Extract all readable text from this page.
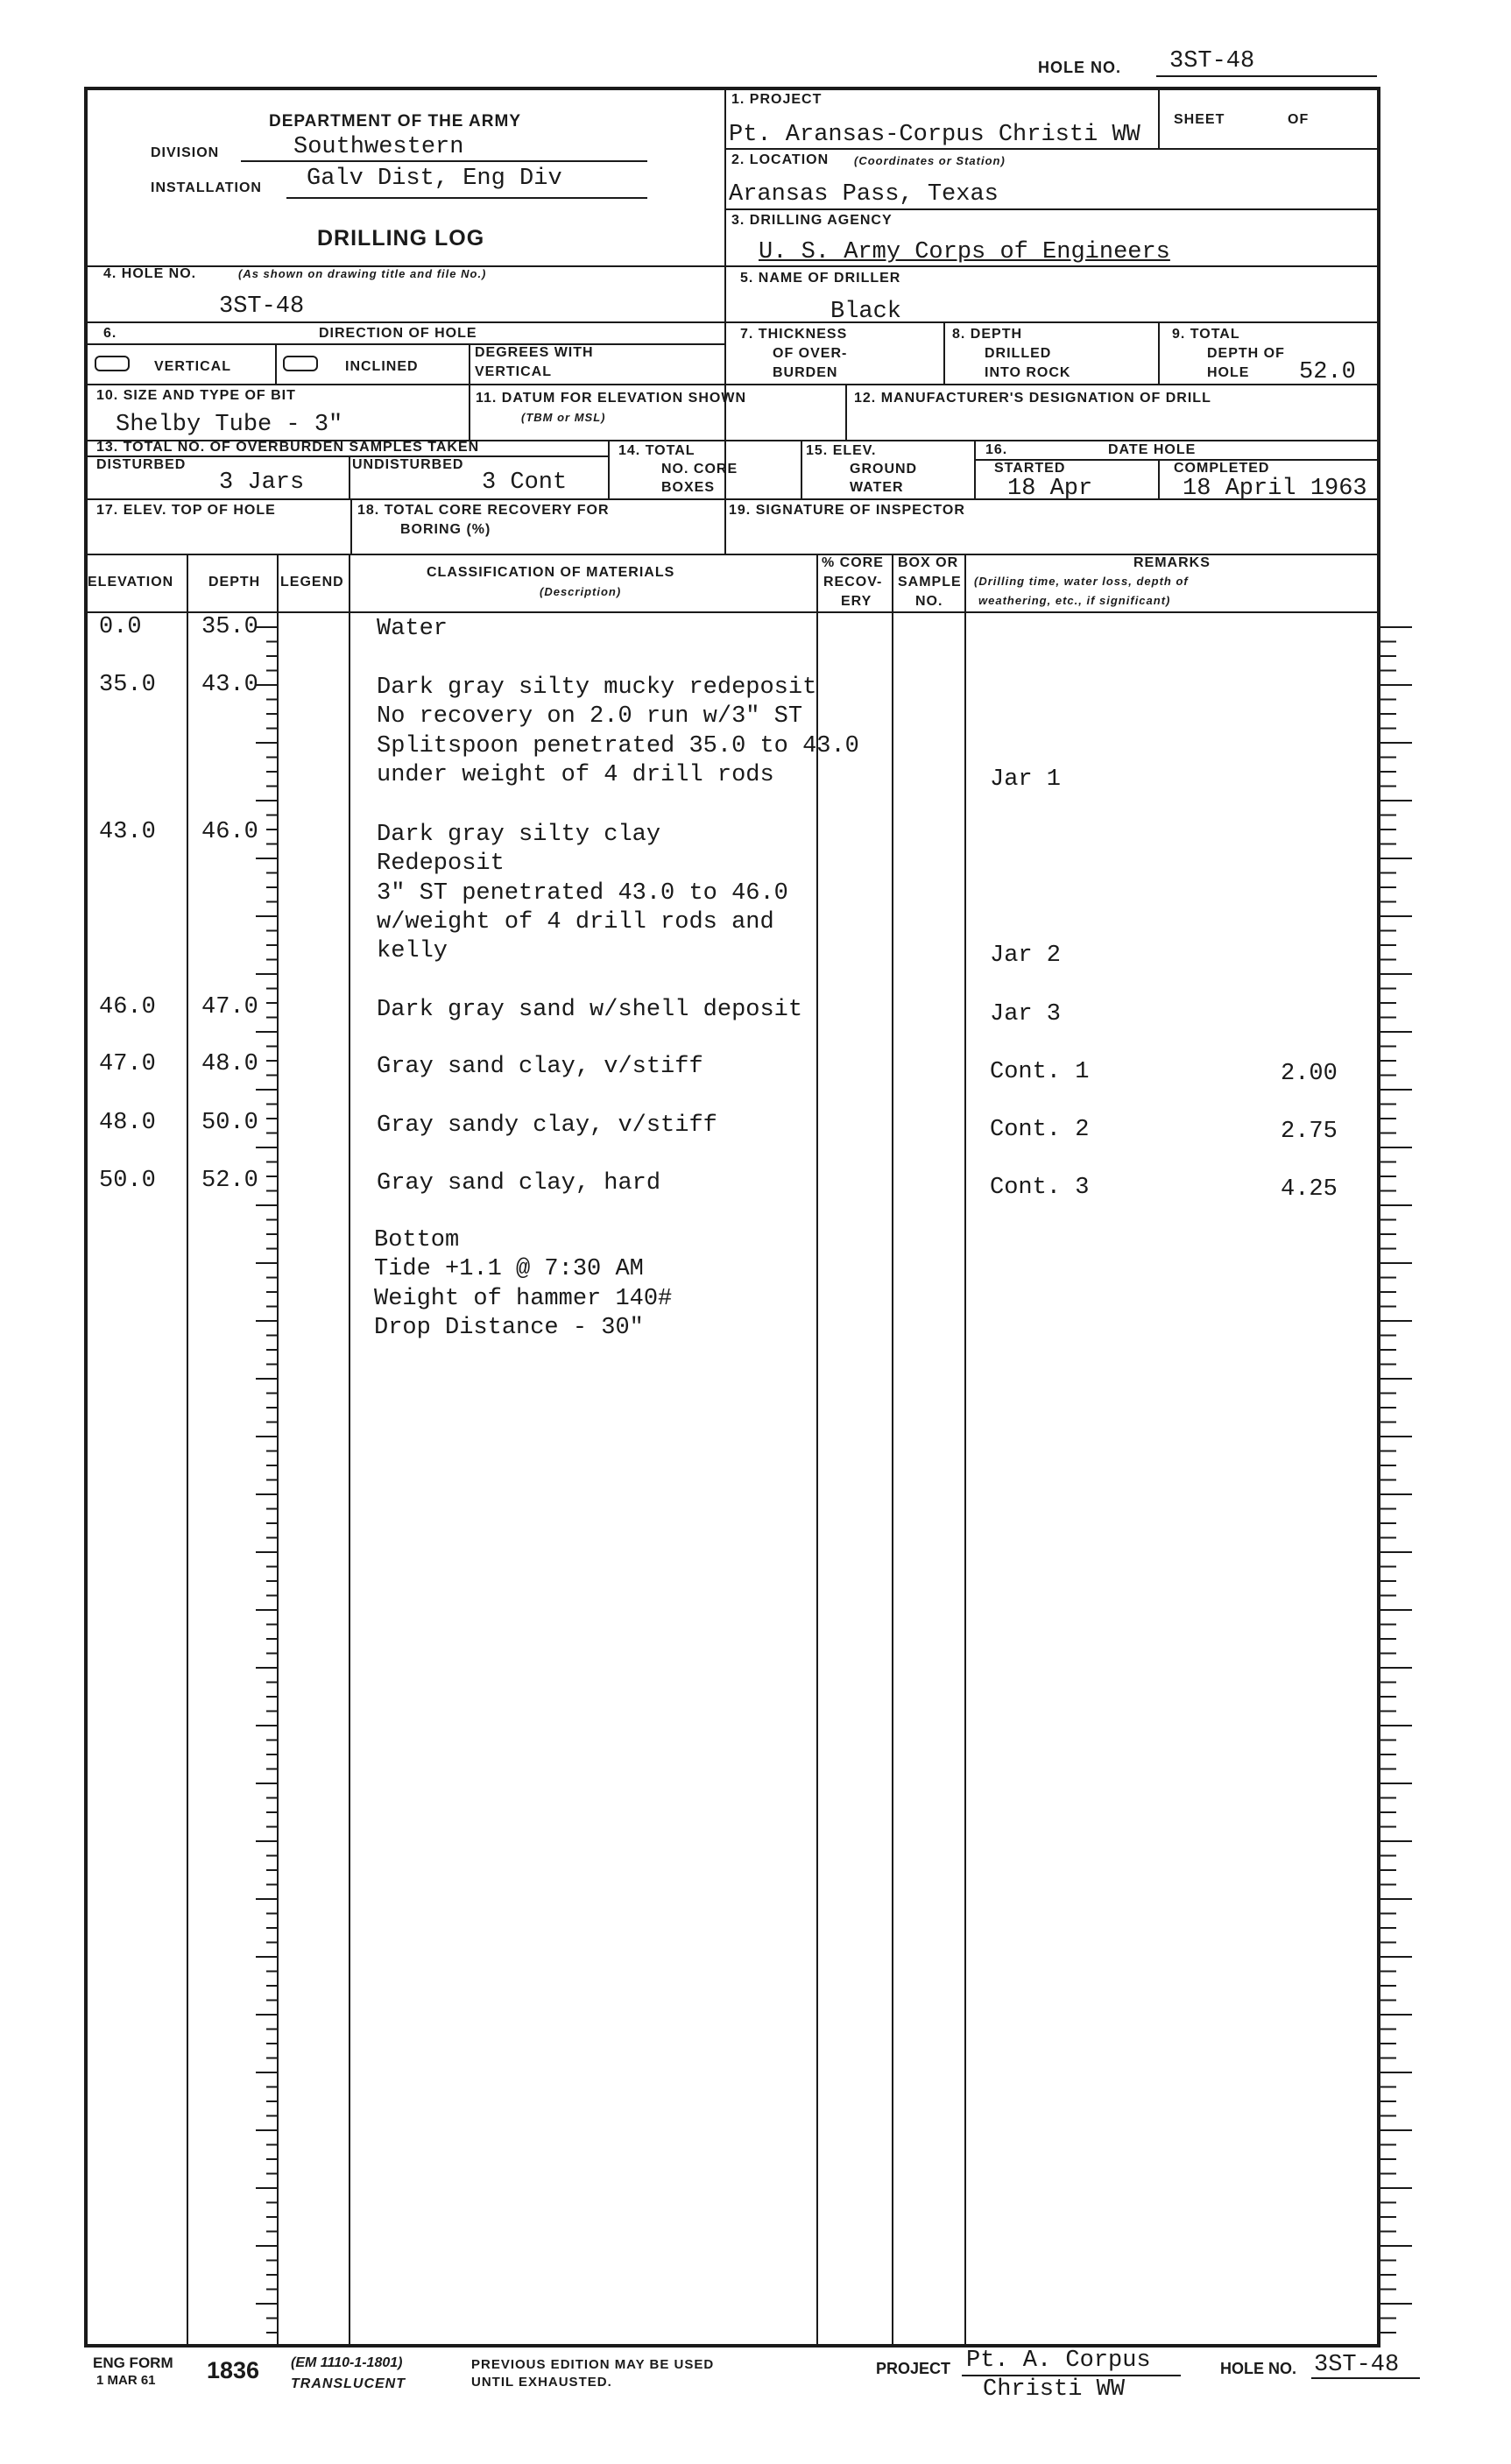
HOLE NO. 3ST-48
DEPARTMENT OF THE ARMY
DIVISION	Southwestern
INSTALLATION Galv Dist, Eng Div
DRILLING LOG
1. PROJECT
Pt. Aransas-Corpus Christi WW
SHEET	OF
2. LOCATION (Coordinates or Station)
Aransas Pass, Texas
3. DRILLING AGENCY
U. S. Army Corps of Engineers
4. HOLE NO.	(As shown on drawing title and file No.)
3ST-48
5. NAME OF DRILLER
Black
6.	DIRECTION OF HOLE
VERTICAL	INCLINED
DEGREES WITH
VERTICAL
7. THICKNESS
OF OVER-
BURDEN
8. DEPTH
DRILLED
INTO ROCK
9. TOTAL
DEPTH OF
HOLE 52.0
10. SIZE AND TYPE OF BIT
Shelby Tube - 3"
11. DATUM FOR ELEVATION SHOWN
(TBM or MSL)
12. MANUFACTURER'S DESIGNATION OF DRILL
13. TOTAL NO. OF OVERBURDEN SAMPLES TAKEN
DISTURBED
3 Jars
UNDISTURBED
3 Cont
14. TOTAL
NO. CORE
BOXES
15. ELEV.
GROUND
WATER
16.	DATE HOLE
STARTED
18 Apr
COMPLETED
18 April 1963
17. ELEV. TOP OF HOLE	18. TOTAL CORE RECOVERY FOR
BORING (%)
19. SIGNATURE OF INSPECTOR
ELEVATION DEPTH LEGEND
CLASSIFICATION OF MATERIALS
(Description)
% CORE
RECOV-
ERY
BOX OR
SAMPLE
NO.
REMARKS
(Drilling time, water loss, depth of
weathering, etc., if significant)
0.0	35.0	Water
35.0 43.0	Dark gray silty mucky redeposit
No recovery on 2.0 run w/3" ST
Splitspoon penetrated 35.0 to 43.0
under weight of 4 drill rods	Jar 1
43.0 46.0	Dark gray silty clay
Redeposit
3" ST penetrated 43.0 to 46.0
w/weight of 4 drill rods and
kelly	Jar 2
46.0 47.0	Dark gray sand w/shell deposit	Jar 3
47.0 48.0	Gray sand clay, v/stiff	Cont. 1	2.00
48.0 50.0	Gray sandy clay, v/stiff	Cont. 2	2.75
50.0 52.0	Gray sand clay, hard	Cont. 3	4.25
Bottom
Tide +1.1 @ 7:30 AM
Weight of hammer 140#
Drop Distance - 30"
ENG FORM
1 MAR 61 1836 (EM 1110-1-1801)
TRANSLUCENT
PREVIOUS EDITION MAY BE USED
UNTIL EXHAUSTED.
PROJECT Pt. A. Corpus
Christi WW
HOLE NO. 3ST-48
